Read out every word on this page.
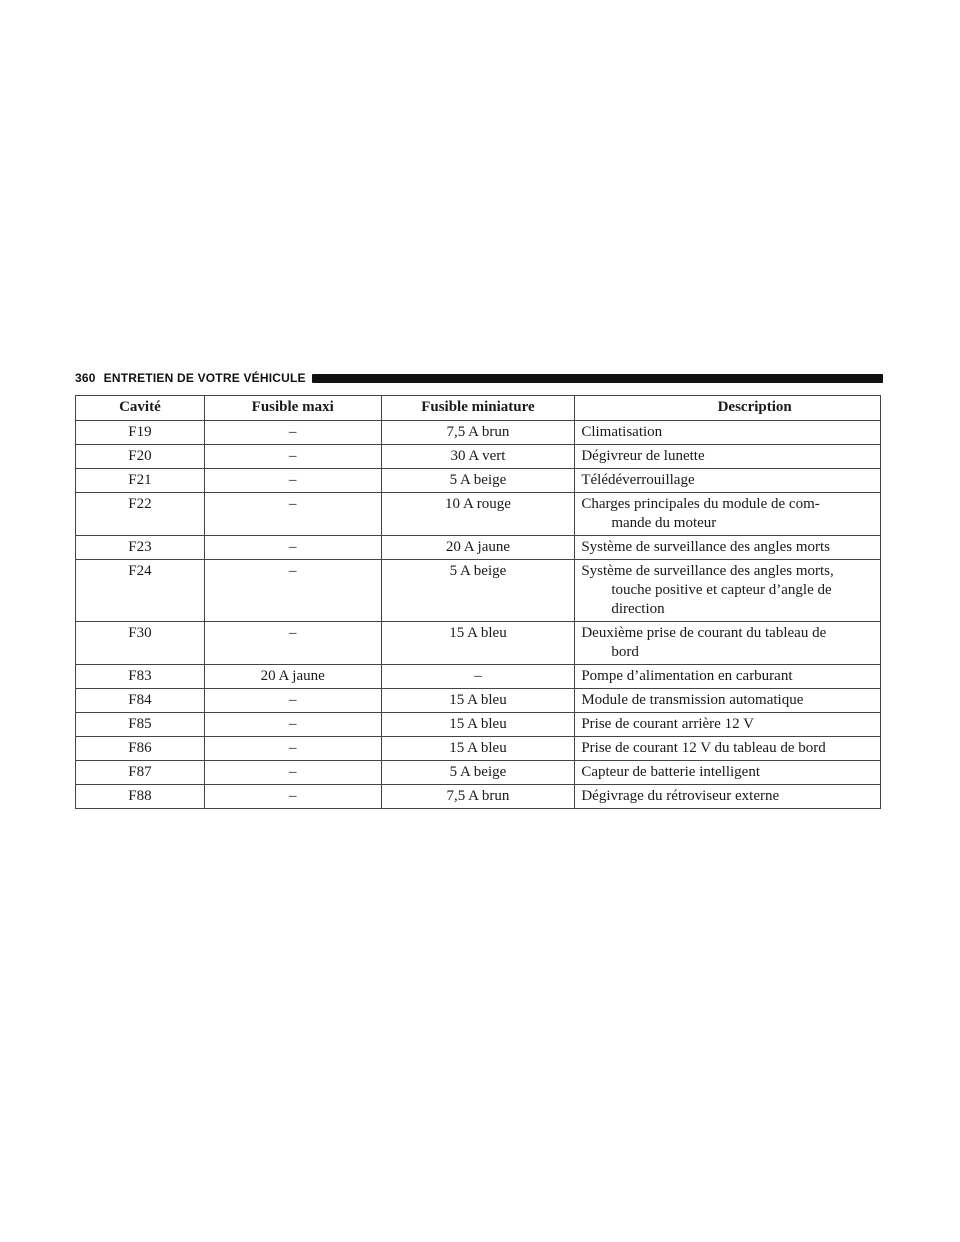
360 ENTRETIEN DE VOTRE VÉHICULE
Cavité	Fusible maxi	Fusible miniature	Description
F19	–	7,5 A brun	Climatisation

F20	–	30 A vert	Dégivreur de lunette

F21	–	5 A beige	Télédéverrouillage

F22	–	10 A rouge	Charges principales du module de com-
mande du moteur

F23	–	20 A jaune	Système de surveillance des angles morts

F24	–	5 A beige	Système de surveillance des angles morts,
touche positive et capteur d’angle de
direction

F30	–	15 A bleu	Deuxième prise de courant du tableau de
bord

F83	20 A jaune	–	Pompe d’alimentation en carburant

F84	–	15 A bleu	Module de transmission automatique

F85	–	15 A bleu	Prise de courant arrière 12 V

F86	–	15 A bleu	Prise de courant 12 V du tableau de bord

F87	–	5 A beige	Capteur de batterie intelligent

F88	–	7,5 A brun	Dégivrage du rétroviseur externe
